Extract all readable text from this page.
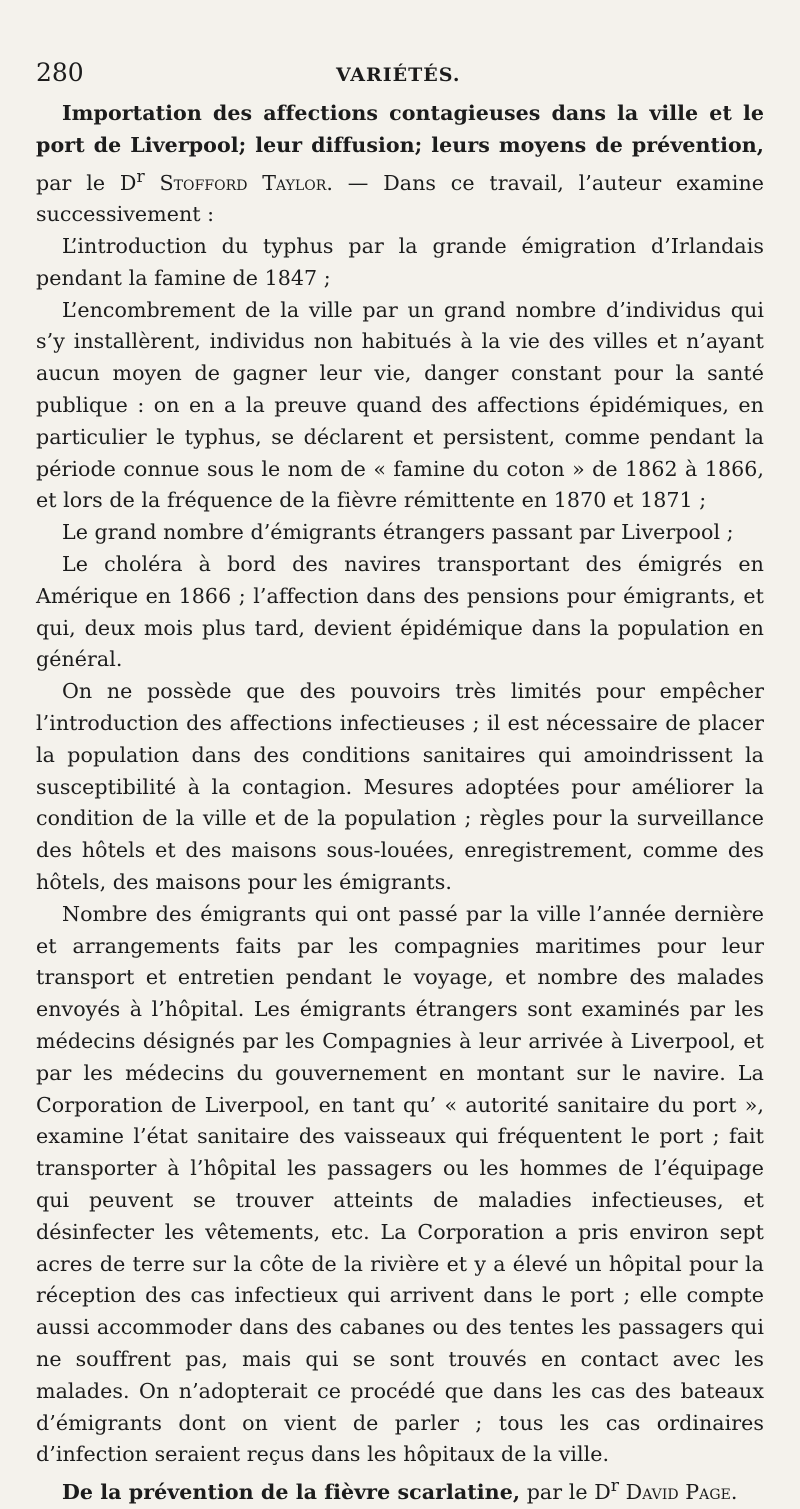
280	VARIÉTÉS.

Importation des affections contagieuses dans la ville et le port de Liverpool; leur diffusion; leurs moyens de prévention, par le $D^r$ Stofford Taylor. — Dans ce travail, l’auteur examine successivement :

L’introduction du typhus par la grande émigration d’Irlandais pendant la famine de 1847 ;

L’encombrement de la ville par un grand nombre d’individus qui s’y installèrent, individus non habitués à la vie des villes et n’ayant aucun moyen de gagner leur vie, danger constant pour la santé publique : on en a la preuve quand des affections épidémiques, en particulier le typhus, se déclarent et persistent, comme pendant la période connue sous le nom de « famine du coton » de 1862 à 1866, et lors de la fréquence de la fièvre rémittente en 1870 et 1871 ;

Le grand nombre d’émigrants étrangers passant par Liverpool ;

Le choléra à bord des navires transportant des émigrés en Amérique en 1866 ; l’affection dans des pensions pour émigrants, et qui, deux mois plus tard, devient épidémique dans la population en général.

On ne possède que des pouvoirs très limités pour empêcher l’introduction des affections infectieuses ; il est nécessaire de placer la population dans des conditions sanitaires qui amoindrissent la susceptibilité à la contagion. Mesures adoptées pour améliorer la condition de la ville et de la population ; règles pour la surveillance des hôtels et des maisons sous-louées, enregistrement, comme des hôtels, des maisons pour les émigrants.

Nombre des émigrants qui ont passé par la ville l’année dernière et arrangements faits par les compagnies maritimes pour leur transport et entretien pendant le voyage, et nombre des malades envoyés à l’hôpital. Les émigrants étrangers sont examinés par les médecins désignés par les Compagnies à leur arrivée à Liverpool, et par les médecins du gouvernement en montant sur le navire. La Corporation de Liverpool, en tant qu’ « autorité sanitaire du port », examine l’état sanitaire des vaisseaux qui fréquentent le port ; fait transporter à l’hôpital les passagers ou les hommes de l’équipage qui peuvent se trouver atteints de maladies infectieuses, et désinfecter les vêtements, etc. La Corporation a pris environ sept acres de terre sur la côte de la rivière et y a élevé un hôpital pour la réception des cas infectieux qui arrivent dans le port ; elle compte aussi accommoder dans des cabanes ou des tentes les passagers qui ne souffrent pas, mais qui se sont trouvés en contact avec les malades. On n’adopterait ce procédé que dans les cas des bateaux d’émigrants dont on vient de parler ; tous les cas ordinaires d’infection seraient reçus dans les hôpitaux de la ville.

De la prévention de la fièvre scarlatine, par le $D^r$ David Page.
